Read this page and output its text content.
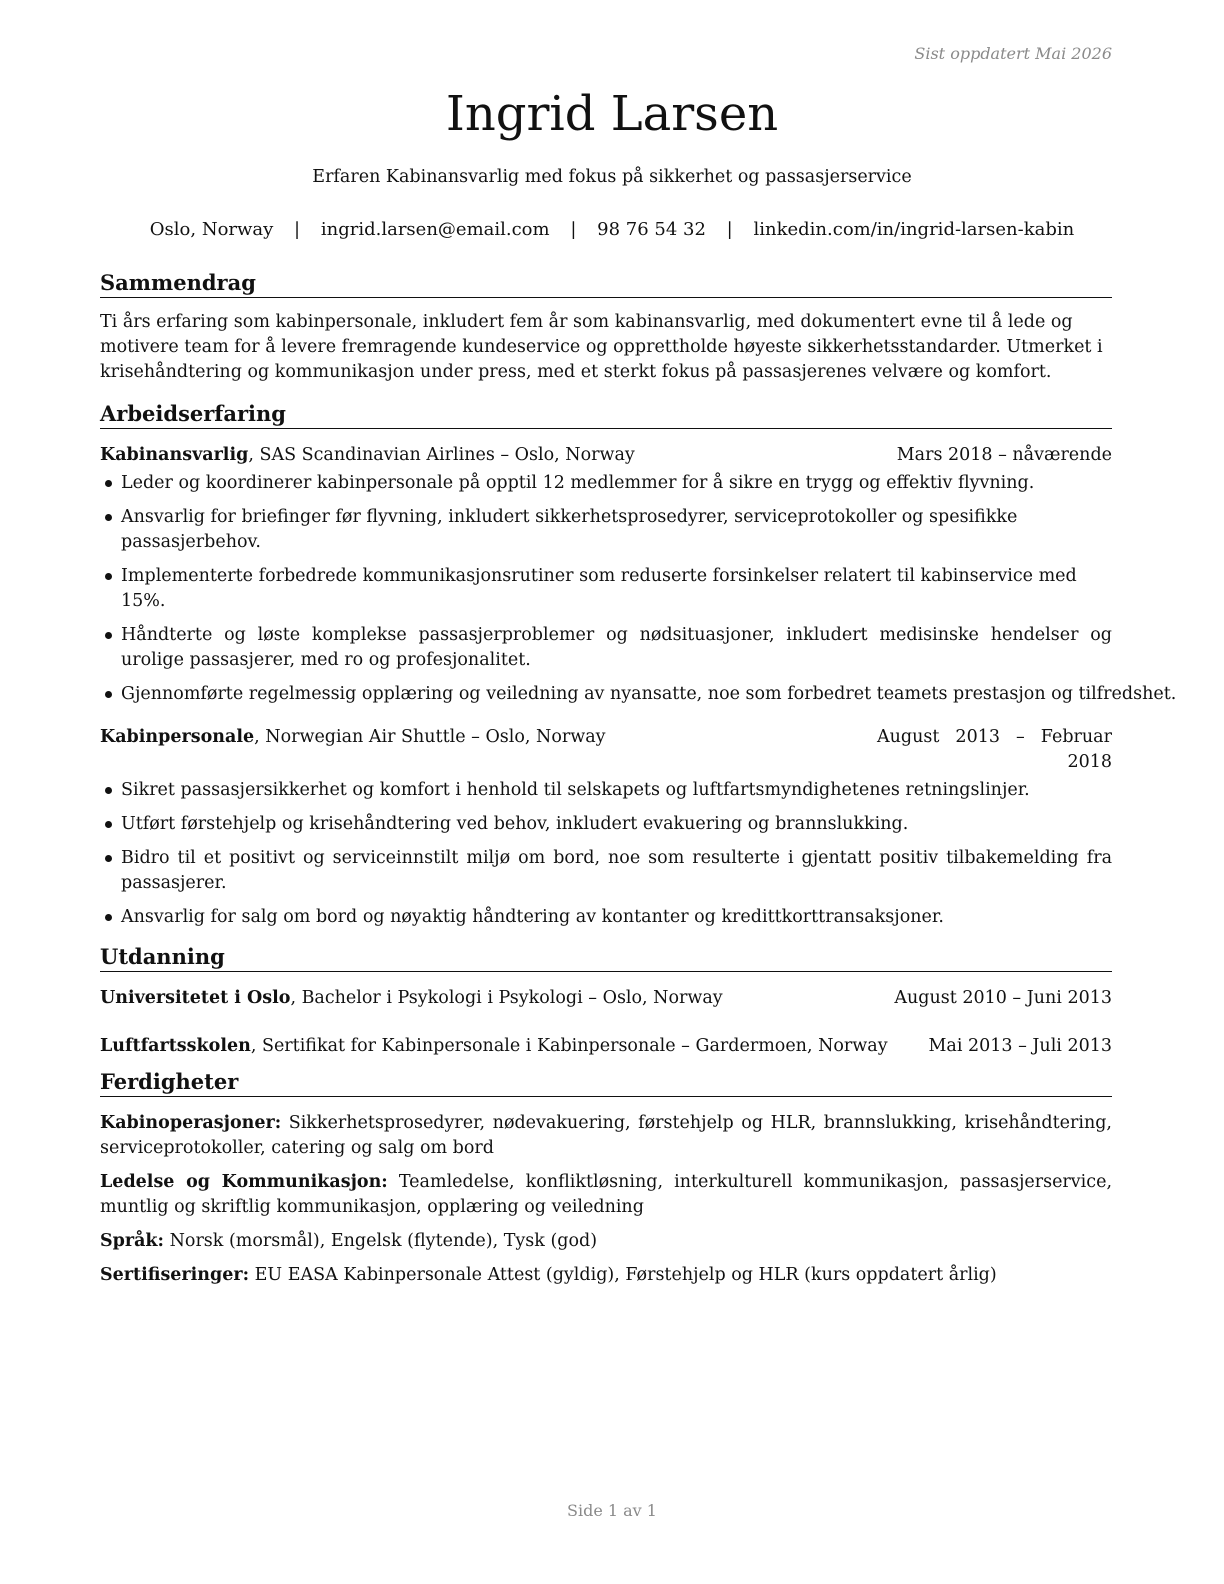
Sist oppdatert Mai 2026
Ingrid Larsen
Erfaren Kabinansvarlig med fokus på sikkerhet og passasjerservice
Oslo, Norway | ingrid.larsen@email.com | 98 76 54 32 | linkedin.com/in/ingrid-larsen-kabin
Sammendrag

Ti års erfaring som kabinpersonale, inkludert fem år som kabinansvarlig, med dokumentert evne til å lede og motivere team for å levere fremragende kundeservice og opprettholde høyeste sikkerhetsstandarder. Utmerket i krisehåndtering og kommunikasjon under press, med et sterkt fokus på passasjerenes velvære og komfort.

Arbeidserfaring
Kabinansvarlig, SAS Scandinavian Airlines – Oslo, Norway	Mars 2018 – nåværende
Leder og koordinerer kabinpersonale på opptil 12 medlemmer for å sikre en trygg og effektiv flyvning.
Ansvarlig for briefinger før flyvning, inkludert sikkerhetsprosedyrer, serviceprotokoller og spesifikke passasjerbehov.
Implementerte forbedrede kommunikasjonsrutiner som reduserte forsinkelser relatert til kabinservice med 15%.
Håndterte og løste komplekse passasjerproblemer og nødsituasjoner, inkludert medisinske hendelser og urolige passasjerer, med ro og profesjonalitet.
Gjennomførte regelmessig opplæring og veiledning av nyansatte, noe som forbedret teamets prestasjon og tilfredshet.
Kabinpersonale, Norwegian Air Shuttle – Oslo, Norway	August 2013 – Februar 2018
Sikret passasjersikkerhet og komfort i henhold til selskapets og luftfartsmyndighetenes retningslinjer.
Utført førstehjelp og krisehåndtering ved behov, inkludert evakuering og brannslukking.
Bidro til et positivt og serviceinnstilt miljø om bord, noe som resulterte i gjentatt positiv tilbakemelding fra passasjerer.
Ansvarlig for salg om bord og nøyaktig håndtering av kontanter og kredittkorttransaksjoner.
Utdanning
Universitetet i Oslo, Bachelor i Psykologi i Psykologi – Oslo, Norway	August 2010 – Juni 2013
Luftfartsskolen, Sertifikat for Kabinpersonale i Kabinpersonale – Gardermoen, Norway Mai 2013 – Juli 2013
Ferdigheter
Kabinoperasjoner: Sikkerhetsprosedyrer, nødevakuering, førstehjelp og HLR, brannslukking, krisehåndtering, serviceprotokoller, catering og salg om bord
Ledelse og Kommunikasjon: Teamledelse, konfliktløsning, interkulturell kommunikasjon, passasjerservice, muntlig og skriftlig kommunikasjon, opplæring og veiledning
Språk: Norsk (morsmål), Engelsk (flytende), Tysk (god)
Sertifiseringer: EU EASA Kabinpersonale Attest (gyldig), Førstehjelp og HLR (kurs oppdatert årlig)
Side 1 av 1
